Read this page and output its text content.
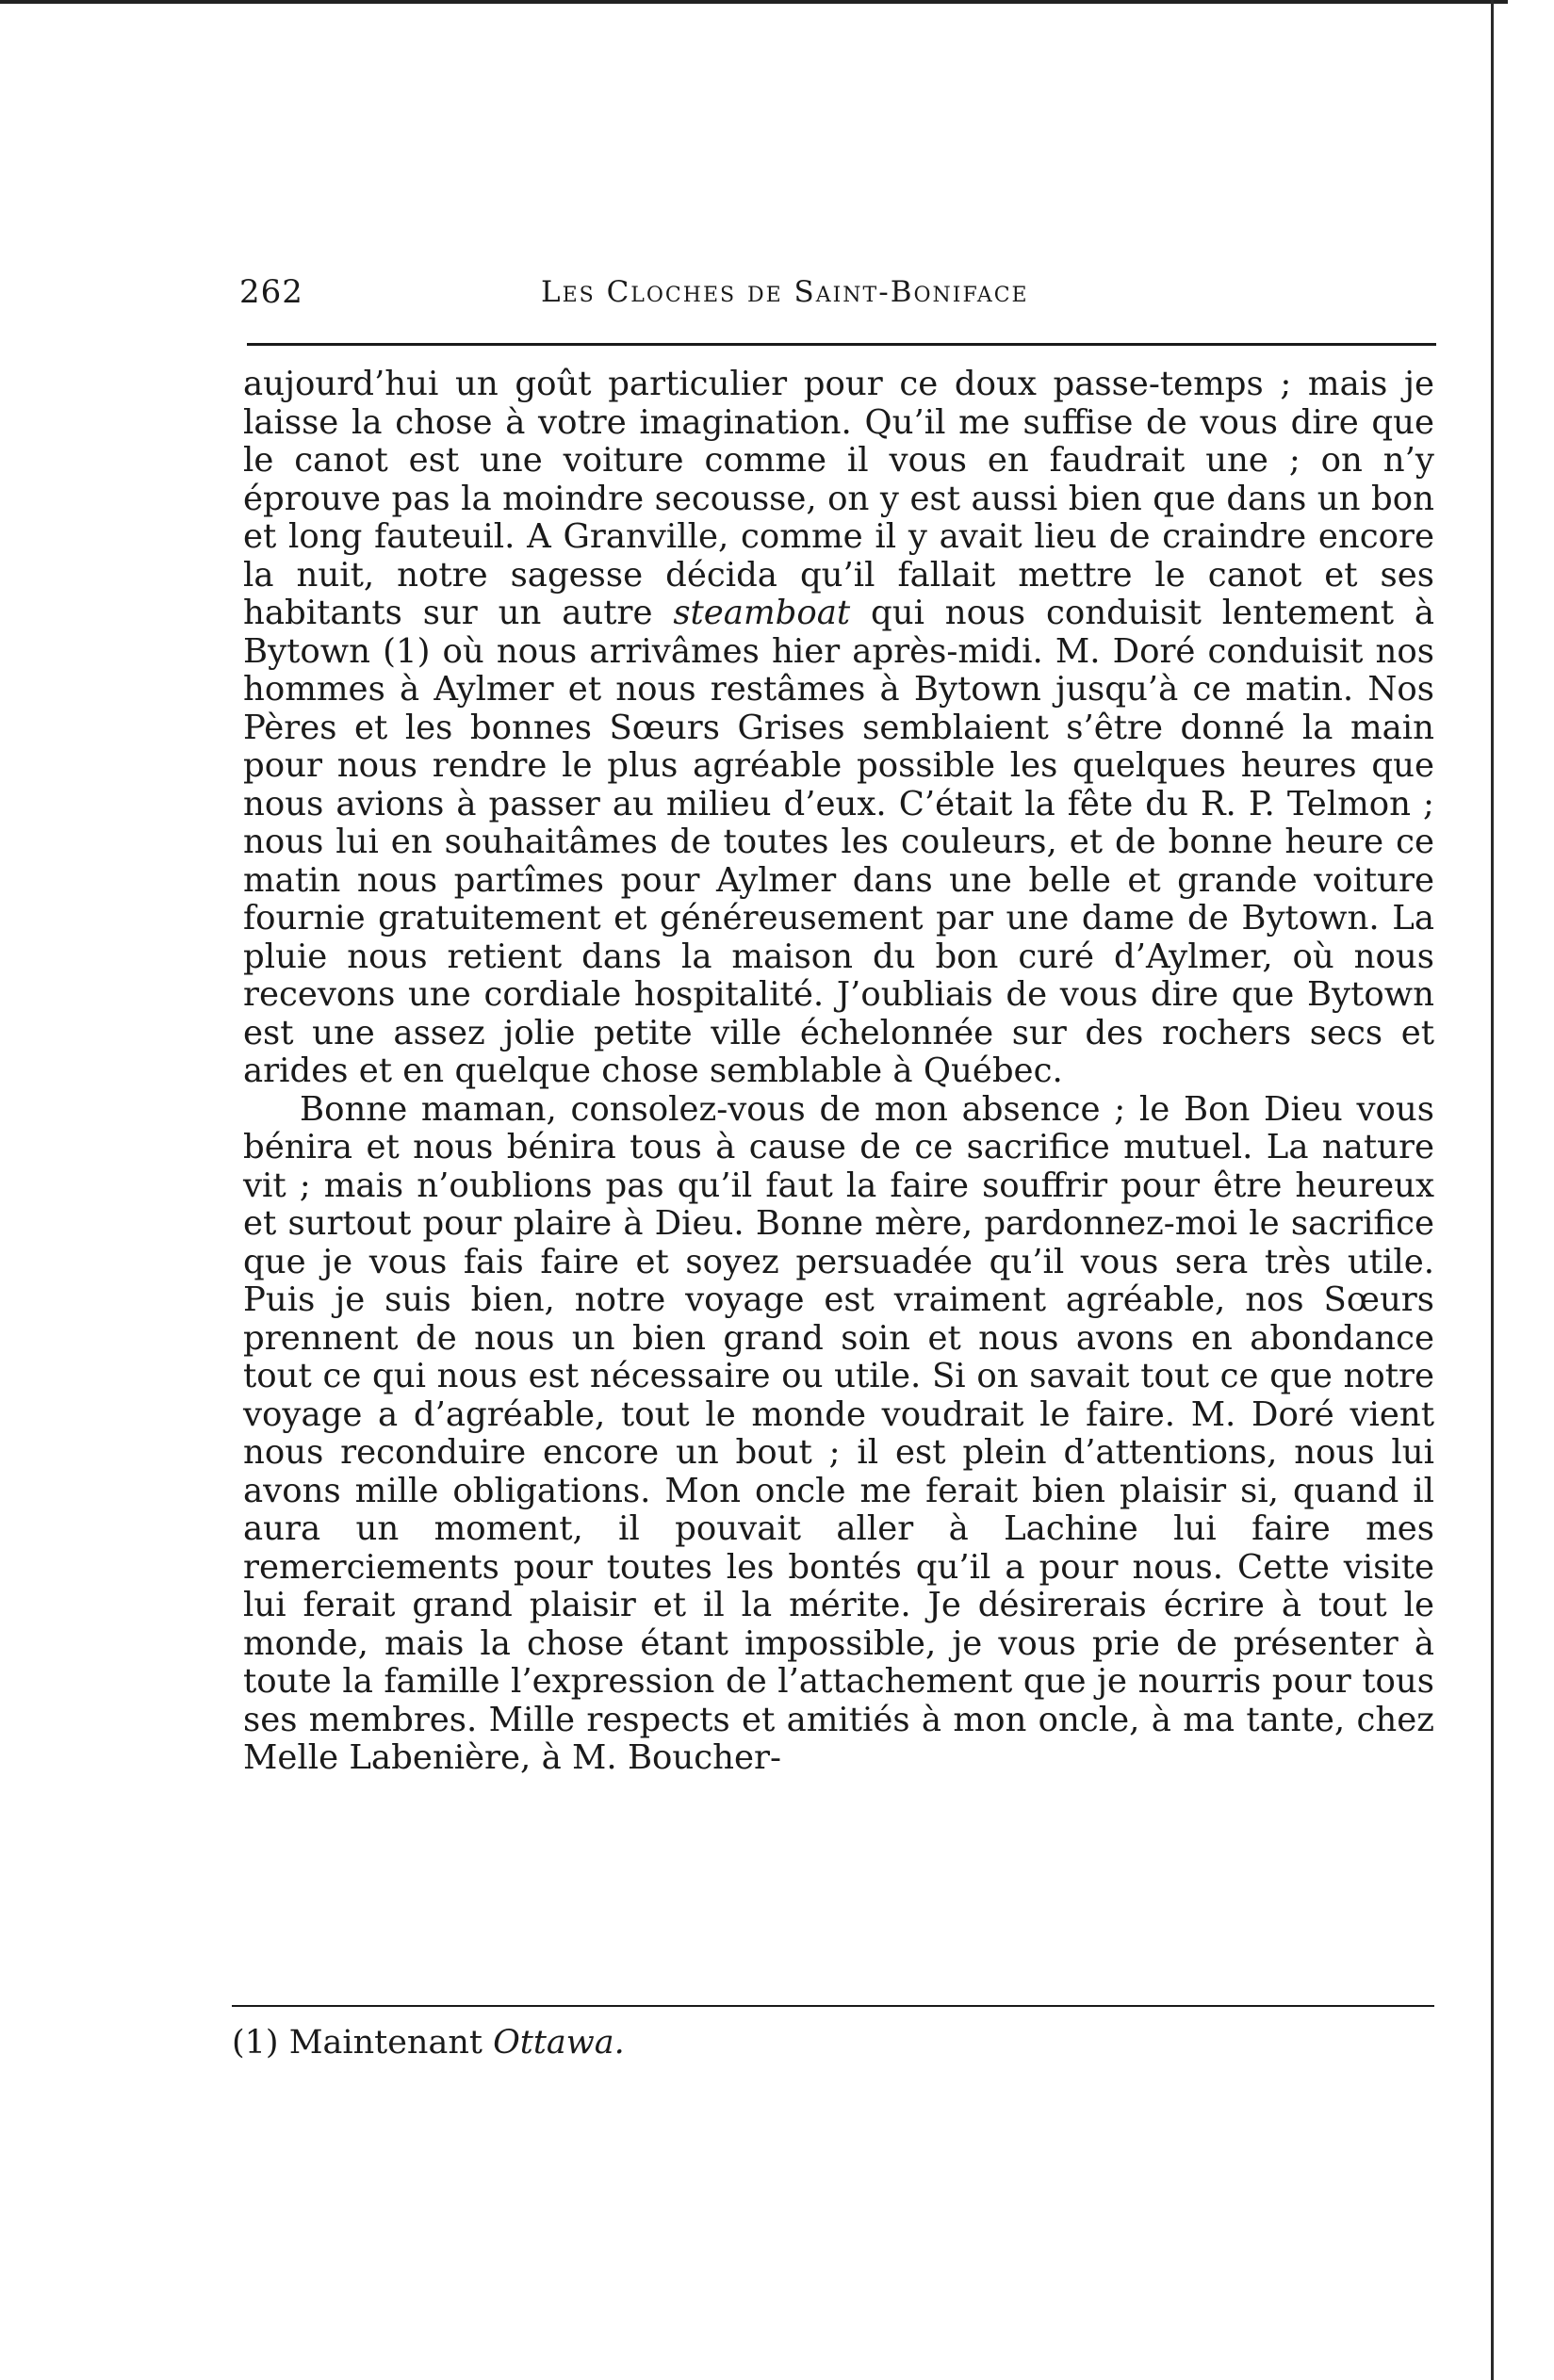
262	Les Cloches de Saint-Boniface

aujourd’hui un goût particulier pour ce doux passe-temps ; mais je laisse la chose à votre imagination. Qu’il me suffise de vous dire que le canot est une voiture comme il vous en faudrait une ; on n’y éprouve pas la moindre secousse, on y est aussi bien que dans un bon et long fauteuil. A Granville, comme il y avait lieu de craindre encore la nuit, notre sagesse décida qu’il fallait mettre le canot et ses habitants sur un autre steamboat qui nous conduisit lentement à Bytown (1) où nous arrivâmes hier après-midi. M. Doré conduisit nos hommes à Aylmer et nous restâmes à Bytown jusqu’à ce matin. Nos Pères et les bonnes Sœurs Grises semblaient s’être donné la main pour nous rendre le plus agréable possible les quelques heures que nous avions à passer au milieu d’eux. C’était la fête du R. P. Telmon ; nous lui en souhaitâmes de toutes les couleurs, et de bonne heure ce matin nous partîmes pour Aylmer dans une belle et grande voiture fournie gratuitement et généreusement par une dame de Bytown. La pluie nous retient dans la maison du bon curé d’Aylmer, où nous recevons une cordiale hospitalité. J’oubliais de vous dire que Bytown est une assez jolie petite ville échelonnée sur des rochers secs et arides et en quelque chose semblable à Québec.

Bonne maman, consolez-vous de mon absence ; le Bon Dieu vous bénira et nous bénira tous à cause de ce sacrifice mutuel. La nature vit ; mais n’oublions pas qu’il faut la faire souffrir pour être heureux et surtout pour plaire à Dieu. Bonne mère, pardonnez-moi le sacrifice que je vous fais faire et soyez persuadée qu’il vous sera très utile. Puis je suis bien, notre voyage est vraiment agréable, nos Sœurs prennent de nous un bien grand soin et nous avons en abondance tout ce qui nous est nécessaire ou utile. Si on savait tout ce que notre voyage a d’agréable, tout le monde voudrait le faire. M. Doré vient nous reconduire encore un bout ; il est plein d’attentions, nous lui avons mille obligations. Mon oncle me ferait bien plaisir si, quand il aura un moment, il pouvait aller à Lachine lui faire mes remerciements pour toutes les bontés qu’il a pour nous. Cette visite lui ferait grand plaisir et il la mérite. Je désirerais écrire à tout le monde, mais la chose étant impossible, je vous prie de présenter à toute la famille l’expression de l’attachement que je nourris pour tous ses membres. Mille respects et amitiés à mon oncle, à ma tante, chez Melle Labenière, à M. Boucher-

(1) Maintenant Ottawa.
